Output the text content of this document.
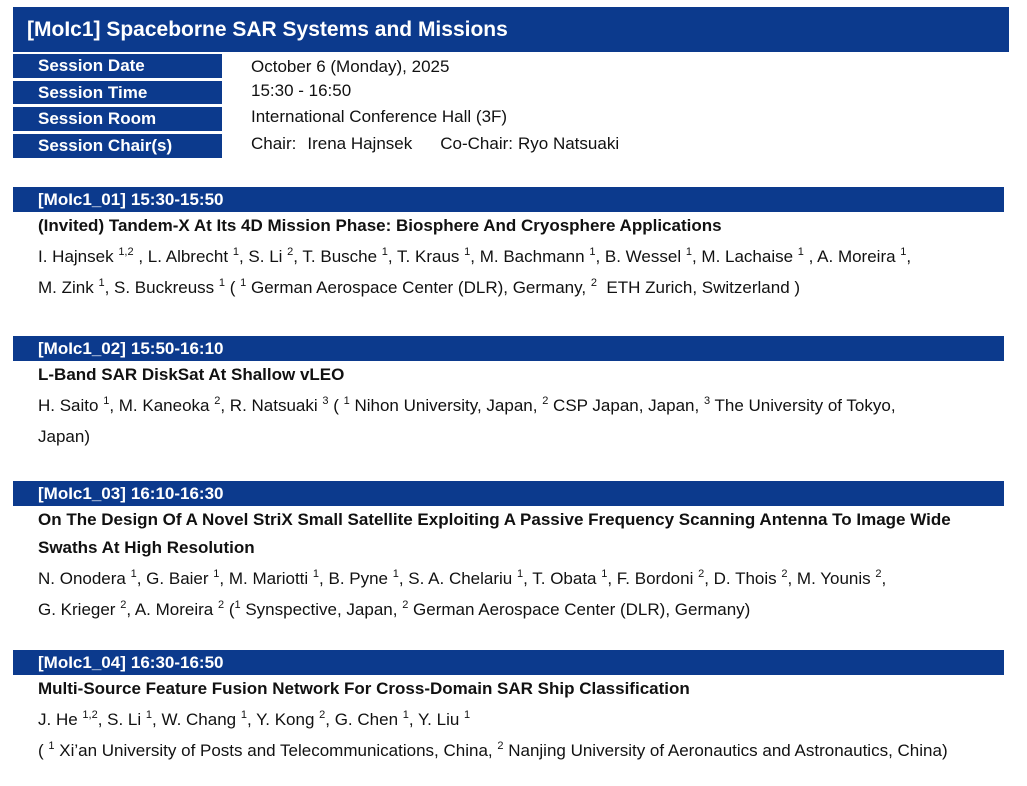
[MoIc1] Spaceborne SAR Systems and Missions
Session Date	October 6 (Monday), 2025
Session Time	15:30 - 16:50
Session Room	International Conference Hall (3F)
Session Chair(s)	Chair: Irena Hajnsek Co-Chair: Ryo Natsuaki
[MoIc1_01] 15:30-15:50
(Invited) Tandem-X At Its 4D Mission Phase: Biosphere And Cryosphere Applications
I. Hajnsek $^{1,2}$ , L. Albrecht $^1$, S. Li $^2$, T. Busche $^1$, T. Kraus $^1$, M. Bachmann $^1$, B. Wessel $^1$, M. Lachaise $^1$ , A. Moreira $^1$,
M. Zink $^1$, S. Buckreuss $^1$ ( $^1$ German Aerospace Center (DLR), Germany, $^2$  ETH Zurich, Switzerland )
[MoIc1_02] 15:50-16:10
L-Band SAR DiskSat At Shallow vLEO
H. Saito $^1$, M. Kaneoka $^2$, R. Natsuaki $^3$ ( $^1$ Nihon University, Japan, $^2$ CSP Japan, Japan, $^3$ The University of Tokyo,
Japan)
[MoIc1_03] 16:10-16:30
On The Design Of A Novel StriX Small Satellite Exploiting A Passive Frequency Scanning Antenna To Image Wide Swaths At High Resolution
N. Onodera $^1$, G. Baier $^1$, M. Mariotti $^1$, B. Pyne $^1$, S. A. Chelariu $^1$, T. Obata $^1$, F. Bordoni $^2$, D. Thois $^2$, M. Younis $^2$,
G. Krieger $^2$, A. Moreira $^2$ ($^1$ Synspective, Japan, $^2$ German Aerospace Center (DLR), Germany)
[MoIc1_04] 16:30-16:50
Multi-Source Feature Fusion Network For Cross-Domain SAR Ship Classification
J. He $^{1,2}$, S. Li $^1$, W. Chang $^1$, Y. Kong $^2$, G. Chen $^1$, Y. Liu $^1$
( $^1$ Xi’an University of Posts and Telecommunications, China, $^2$ Nanjing University of Aeronautics and Astronautics, China)
